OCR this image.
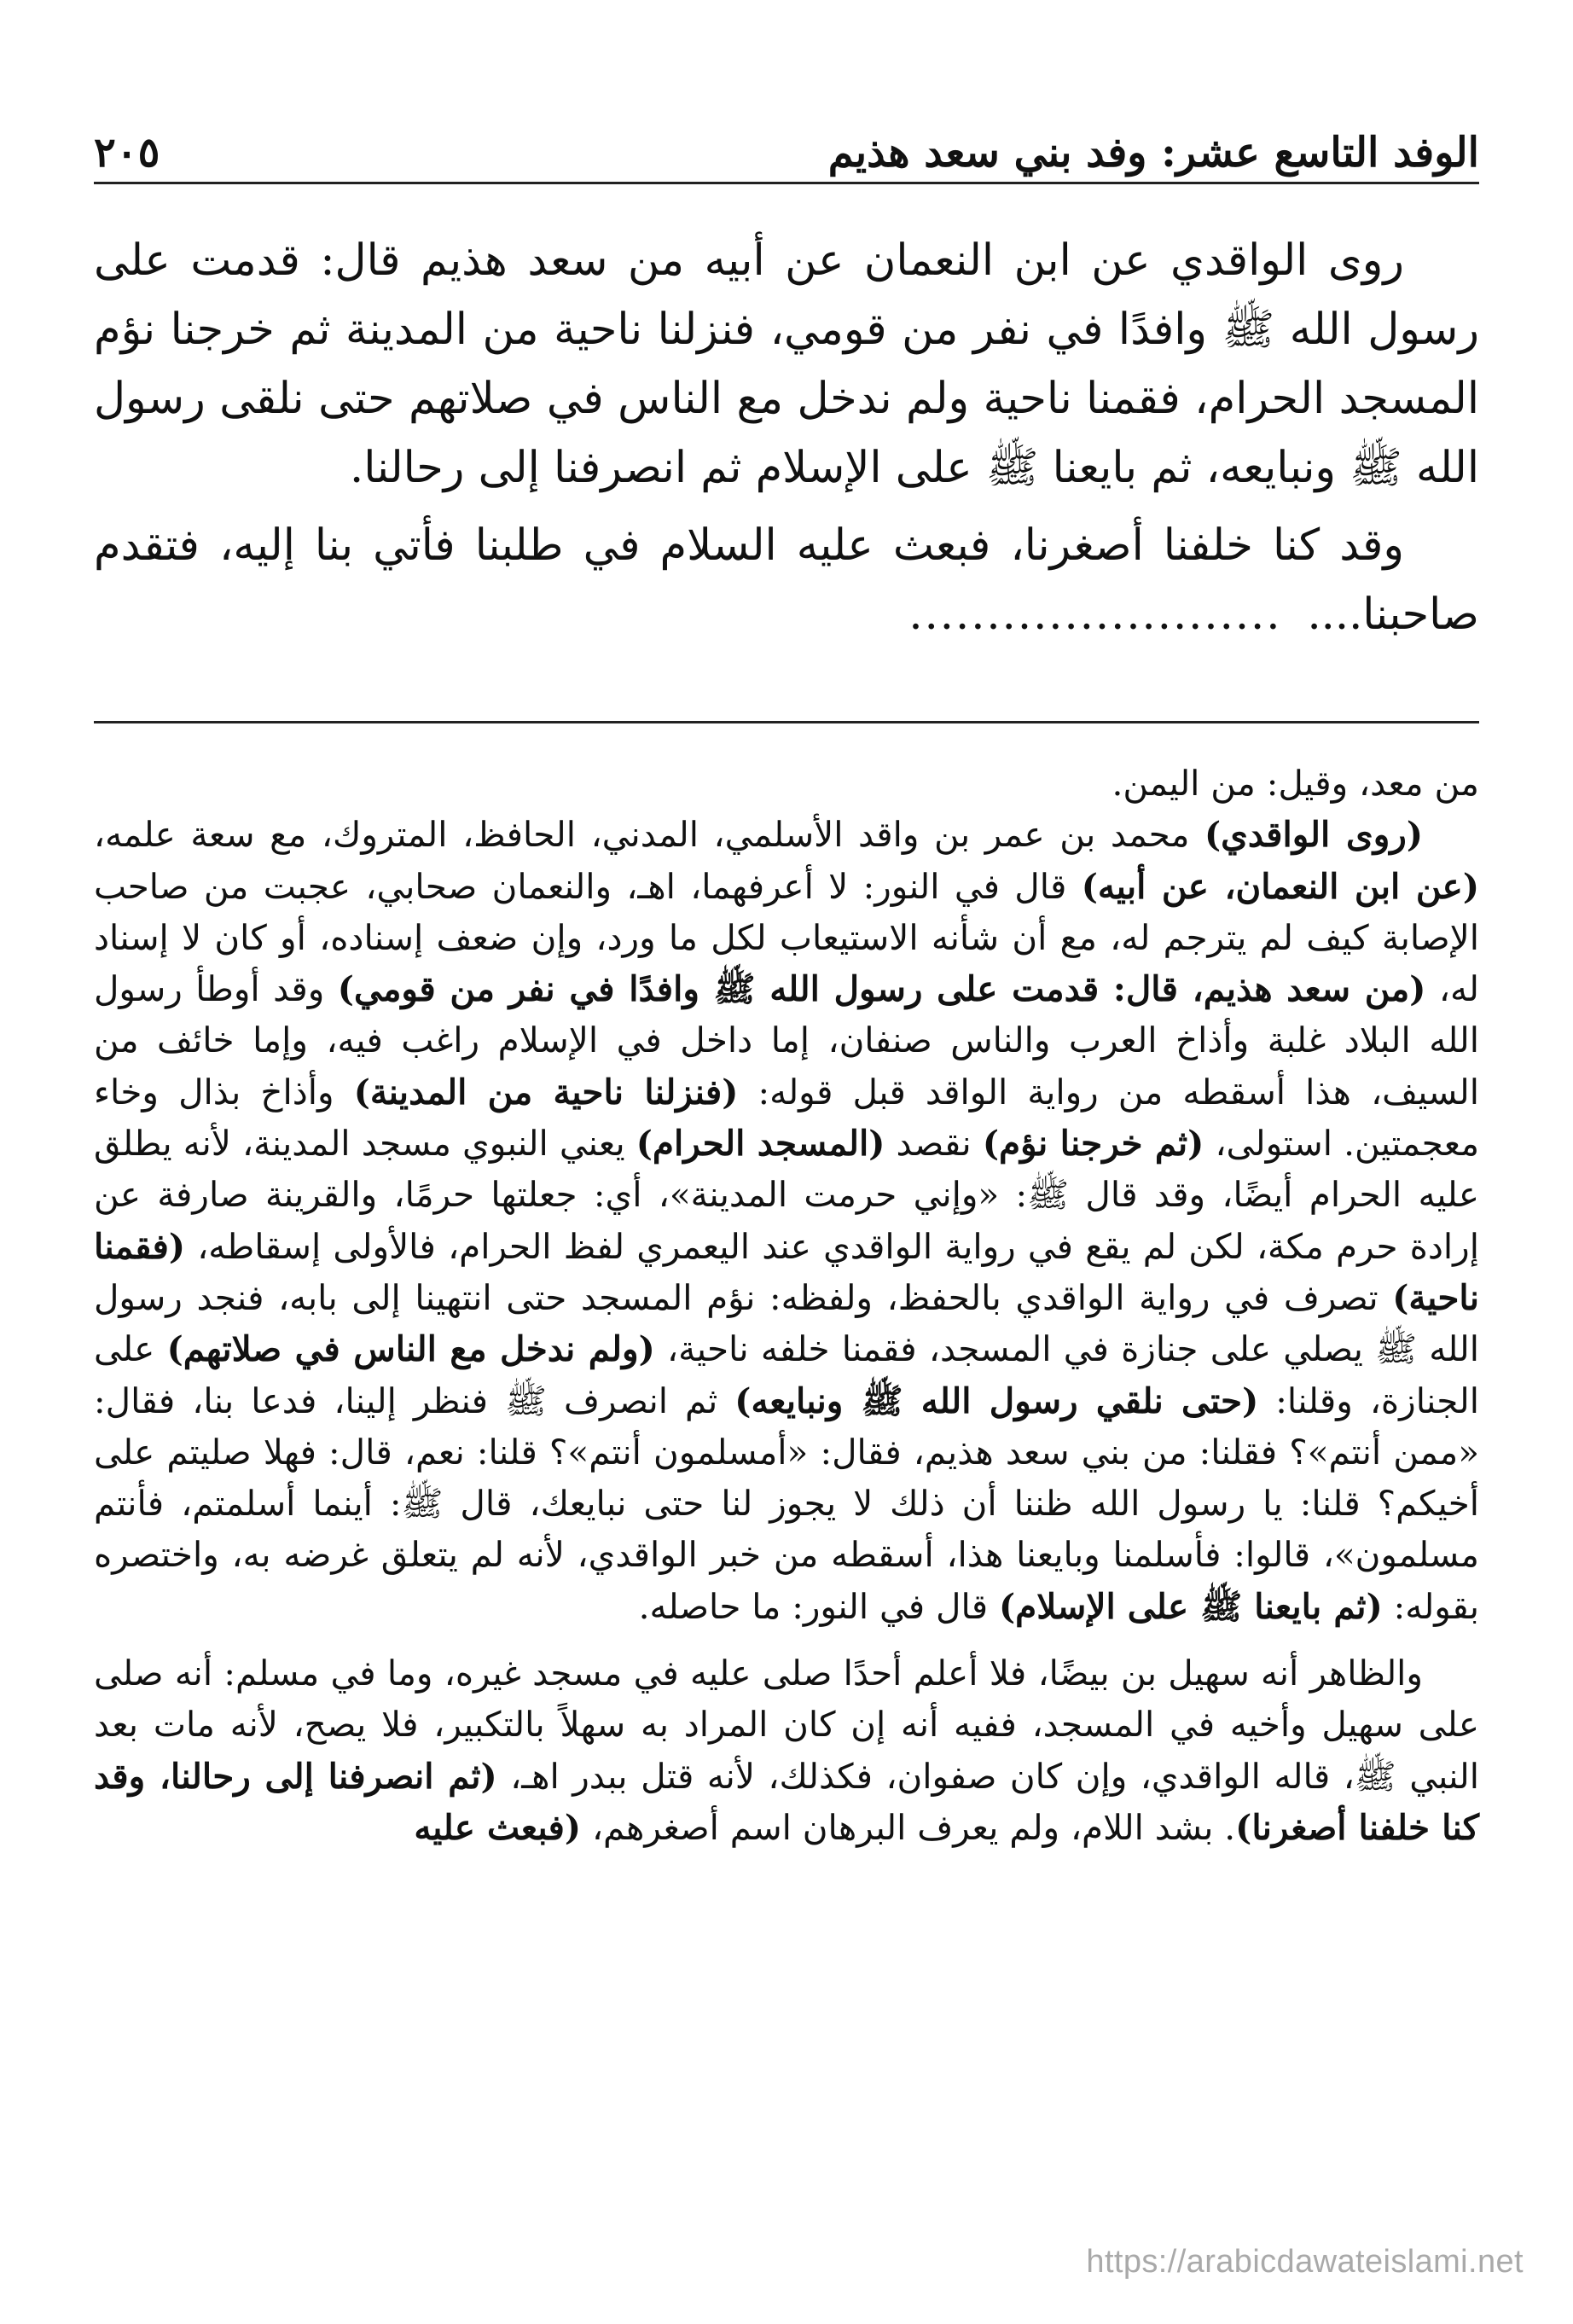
الوفد التاسع عشر: وفد بني سعد هذيم
٢٠٥

روى الواقدي عن ابن النعمان عن أبيه من سعد هذيم قال: قدمت على رسول الله ﷺ وافدًا في نفر من قومي، فنزلنا ناحية من المدينة ثم خرجنا نؤم المسجد الحرام، فقمنا ناحية ولم ندخل مع الناس في صلاتهم حتى نلقى رسول الله ﷺ ونبايعه، ثم بايعنا ﷺ على الإسلام ثم انصرفنا إلى رحالنا.

وقد كنا خلفنا أصغرنا، فبعث عليه السلام في طلبنا فأتي بنا إليه، فتقدم صاحبنا............................

من معد، وقيل: من اليمن.

(روى الواقدي) محمد بن عمر بن واقد الأسلمي، المدني، الحافظ، المتروك، مع سعة علمه، (عن ابن النعمان، عن أبيه) قال في النور: لا أعرفهما، اهـ، والنعمان صحابي، عجبت من صاحب الإصابة كيف لم يترجم له، مع أن شأنه الاستيعاب لكل ما ورد، وإن ضعف إسناده، أو كان لا إسناد له، (من سعد هذيم، قال: قدمت على رسول الله ﷺ وافدًا في نفر من قومي) وقد أوطأ رسول الله البلاد غلبة وأذاخ العرب والناس صنفان، إما داخل في الإسلام راغب فيه، وإما خائف من السيف، هذا أسقطه من رواية الواقد قبل قوله: (فنزلنا ناحية من المدينة) وأذاخ بذال وخاء معجمتين. استولى، (ثم خرجنا نؤم) نقصد (المسجد الحرام) يعني النبوي مسجد المدينة، لأنه يطلق عليه الحرام أيضًا، وقد قال ﷺ: «وإني حرمت المدينة»، أي: جعلتها حرمًا، والقرينة صارفة عن إرادة حرم مكة، لكن لم يقع في رواية الواقدي عند اليعمري لفظ الحرام، فالأولى إسقاطه، (فقمنا ناحية) تصرف في رواية الواقدي بالحفظ، ولفظه: نؤم المسجد حتى انتهينا إلى بابه، فنجد رسول الله ﷺ يصلي على جنازة في المسجد، فقمنا خلفه ناحية، (ولم ندخل مع الناس في صلاتهم) على الجنازة، وقلنا: (حتى نلقي رسول الله ﷺ ونبايعه) ثم انصرف ﷺ فنظر إلينا، فدعا بنا، فقال: «ممن أنتم»؟ فقلنا: من بني سعد هذيم، فقال: «أمسلمون أنتم»؟ قلنا: نعم، قال: فهلا صليتم على أخيكم؟ قلنا: يا رسول الله ظننا أن ذلك لا يجوز لنا حتى نبايعك، قال ﷺ: أينما أسلمتم، فأنتم مسلمون»، قالوا: فأسلمنا وبايعنا هذا، أسقطه من خبر الواقدي، لأنه لم يتعلق غرضه به، واختصره بقوله: (ثم بايعنا ﷺ على الإسلام) قال في النور: ما حاصله.

والظاهر أنه سهيل بن بيضًا، فلا أعلم أحدًا صلى عليه في مسجد غيره، وما في مسلم: أنه صلى على سهيل وأخيه في المسجد، ففيه أنه إن كان المراد به سهلاً بالتكبير، فلا يصح، لأنه مات بعد النبي ﷺ، قاله الواقدي، وإن كان صفوان، فكذلك، لأنه قتل ببدر اهـ، (ثم انصرفنا إلى رحالنا، وقد كنا خلفنا أصغرنا). بشد اللام، ولم يعرف البرهان اسم أصغرهم، (فبعث عليه

https://arabicdawateislami.net
